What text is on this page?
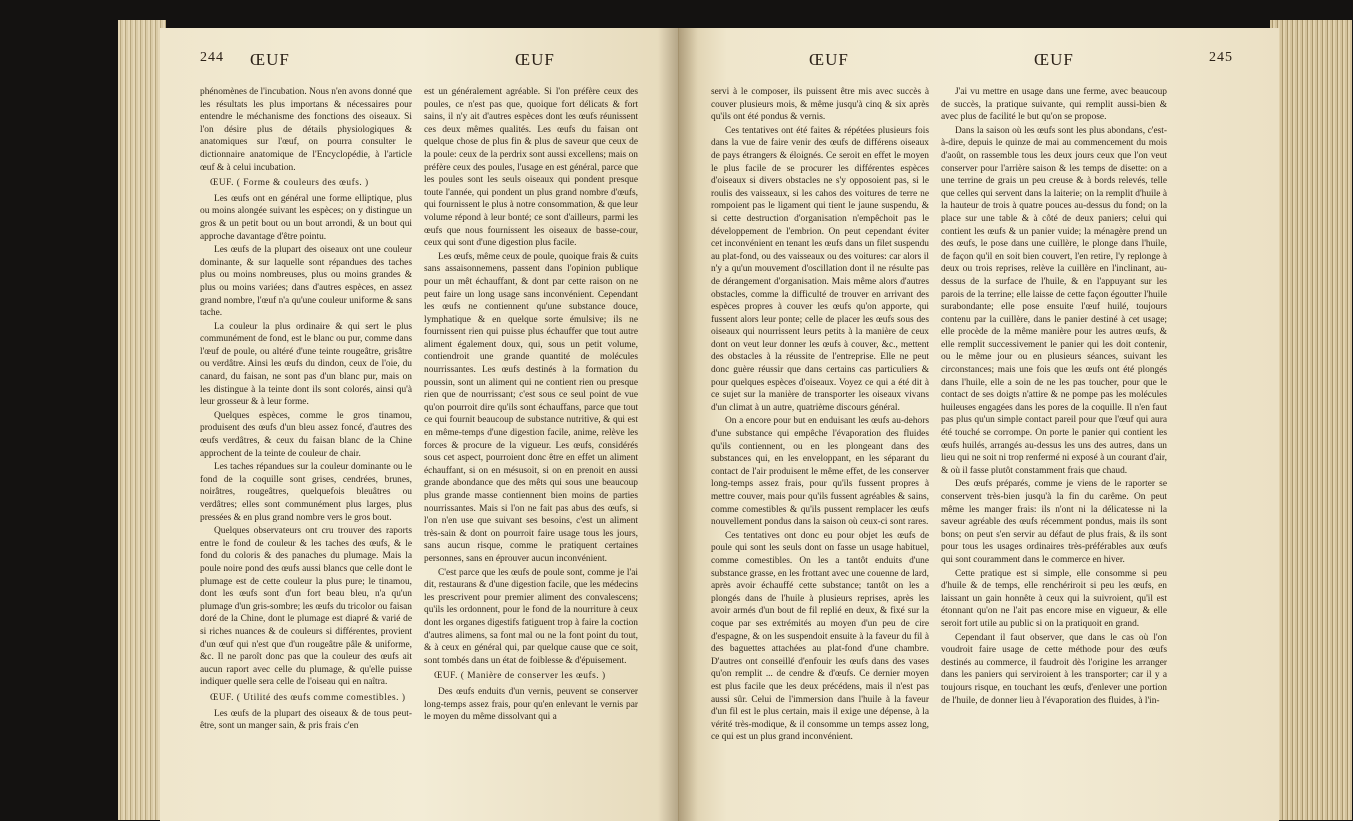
244 ŒUF	ŒUF

phénomènes de l'incubation. Nous n'en avons donné que les résultats les plus importans & nécessaires pour entendre le méchanisme des fonctions des oiseaux. Si l'on désire plus de détails physiologiques & anatomiques sur l'œuf, on pourra consulter le dictionnaire anatomique de l'Encyclopédie, à l'article œuf & à celui incubation.

ŒUF. ( Forme & couleurs des œufs. )

Les œufs ont en général une forme elliptique, plus ou moins alongée suivant les espèces; on y distingue un gros & un petit bout ou un bout arrondi, & un bout qui approche davantage d'être pointu.

Les œufs de la plupart des oiseaux ont une couleur dominante, & sur laquelle sont répandues des taches plus ou moins nombreuses, plus ou moins grandes & plus ou moins variées; dans d'autres espèces, en assez grand nombre, l'œuf n'a qu'une couleur uniforme & sans tache.

La couleur la plus ordinaire & qui sert le plus communément de fond, est le blanc ou pur, comme dans l'œuf de poule, ou altéré d'une teinte rougeâtre, grisâtre ou verdâtre. Ainsi les œufs du dindon, ceux de l'oie, du canard, du faisan, ne sont pas d'un blanc pur, mais on les distingue à la teinte dont ils sont colorés, ainsi qu'à leur grosseur & à leur forme.

Quelques espèces, comme le gros tinamou, produisent des œufs d'un bleu assez foncé, d'autres des œufs verdâtres, & ceux du faisan blanc de la Chine approchent de la teinte de couleur de chair.

Les taches répandues sur la couleur dominante ou le fond de la coquille sont grises, cendrées, brunes, noirâtres, rougeâtres, quelquefois bleuâtres ou verdâtres; elles sont communément plus larges, plus pressées & en plus grand nombre vers le gros bout.

Quelques observateurs ont cru trouver des raports entre le fond de couleur & les taches des œufs, & le fond du coloris & des panaches du plumage. Mais la poule noire pond des œufs aussi blancs que celle dont le plumage est de cette couleur la plus pure; le tinamou, dont les œufs sont d'un fort beau bleu, n'a qu'un plumage d'un gris-sombre; les œufs du tricolor ou faisan doré de la Chine, dont le plumage est diapré & varié de si riches nuances & de couleurs si différentes, provient d'un œuf qui n'est que d'un rougeâtre pâle & uniforme, &c. Il ne paroît donc pas que la couleur des œufs ait aucun raport avec celle du plumage, & qu'elle puisse indiquer quelle sera celle de l'oiseau qui en naîtra.

ŒUF. ( Utilité des œufs comme comestibles. )

Les œufs de la plupart des oiseaux & de tous peut-être, sont un manger sain, & pris frais c'en

est un généralement agréable. Si l'on préfère ceux des poules, ce n'est pas que, quoique fort délicats & fort sains, il n'y ait d'autres espèces dont les œufs réunissent ces deux mêmes qualités. Les œufs du faisan ont quelque chose de plus fin & plus de saveur que ceux de la poule: ceux de la perdrix sont aussi excellens; mais on préfère ceux des poules, l'usage en est général, parce que les poules sont les seuls oiseaux qui pondent presque toute l'année, qui pondent un plus grand nombre d'œufs, qui fournissent le plus à notre consommation, & que leur volume répond à leur bonté; ce sont d'ailleurs, parmi les œufs que nous fournissent les oiseaux de basse-cour, ceux qui sont d'une digestion plus facile.

Les œufs, même ceux de poule, quoique frais & cuits sans assaisonnemens, passent dans l'opinion publique pour un mêt échauffant, & dont par cette raison on ne peut faire un long usage sans inconvénient. Cependant les œufs ne contiennent qu'une substance douce, lymphatique & en quelque sorte émulsive; ils ne fournissent rien qui puisse plus échauffer que tout autre aliment également doux, qui, sous un petit volume, contiendroit une grande quantité de molécules nourrissantes. Les œufs destinés à la formation du poussin, sont un aliment qui ne contient rien ou presque rien que de nourrissant; c'est sous ce seul point de vue qu'on pourroit dire qu'ils sont échauffans, parce que tout ce qui fournit beaucoup de substance nutritive, & qui est en même-temps d'une digestion facile, anime, relève les forces & procure de la vigueur. Les œufs, considérés sous cet aspect, pourroient donc être en effet un aliment échauffant, si on en mésusoit, si on en prenoit en aussi grande abondance que des mêts qui sous une beaucoup plus grande masse contiennent bien moins de parties nourrissantes. Mais si l'on ne fait pas abus des œufs, si l'on n'en use que suivant ses besoins, c'est un aliment très-sain & dont on pourroit faire usage tous les jours, sans aucun risque, comme le pratiquent certaines personnes, sans en éprouver aucun inconvénient.

C'est parce que les œufs de poule sont, comme je l'ai dit, restaurans & d'une digestion facile, que les médecins les prescrivent pour premier aliment des convalescens; qu'ils les ordonnent, pour le fond de la nourriture à ceux dont les organes digestifs fatiguent trop à faire la coction d'autres alimens, sa font mal ou ne la font point du tout, & à ceux en général qui, par quelque cause que ce soit, sont tombés dans un état de foiblesse & d'épuisement.

ŒUF. ( Manière de conserver les œufs. )

Des œufs enduits d'un vernis, peuvent se conserver long-temps assez frais, pour qu'en enlevant le vernis par le moyen du même dissolvant qui a

ŒUF	ŒUF	245

servi à le composer, ils puissent être mis avec succès à couver plusieurs mois, & même jusqu'à cinq & six après qu'ils ont été pondus & vernis.

Ces tentatives ont été faites & répétées plusieurs fois dans la vue de faire venir des œufs de différens oiseaux de pays étrangers & éloignés. Ce seroit en effet le moyen le plus facile de se procurer les différentes espèces d'oiseaux si divers obstacles ne s'y opposoient pas, si le roulis des vaisseaux, si les cahos des voitures de terre ne rompoient pas le ligament qui tient le jaune suspendu, & si cette destruction d'organisation n'empêchoit pas le développement de l'embrion. On peut cependant éviter cet inconvénient en tenant les œufs dans un filet suspendu au plat-fond, ou des vaisseaux ou des voitures: car alors il n'y a qu'un mouvement d'oscillation dont il ne résulte pas de dérangement d'organisation. Mais même alors d'autres obstacles, comme la difficulté de trouver en arrivant des espèces propres à couver les œufs qu'on apporte, qui fussent alors leur ponte; celle de placer les œufs sous des oiseaux qui nourrissent leurs petits à la manière de ceux dont on veut leur donner les œufs à couver, &c., mettent des obstacles à la réussite de l'entreprise. Elle ne peut donc guère réussir que dans certains cas particuliers & pour quelques espèces d'oiseaux. Voyez ce qui a été dit à ce sujet sur la manière de transporter les oiseaux vivans d'un climat à un autre, quatrième discours général.

On a encore pour but en enduisant les œufs au-dehors d'une substance qui empêche l'évaporation des fluides qu'ils contiennent, ou en les plongeant dans des substances qui, en les enveloppant, en les séparant du contact de l'air produisent le même effet, de les conserver long-temps assez frais, pour qu'ils fussent propres à mettre couver, mais pour qu'ils fussent agréables & sains, comme comestibles & qu'ils pussent remplacer les œufs nouvellement pondus dans la saison où ceux-ci sont rares.

Ces tentatives ont donc eu pour objet les œufs de poule qui sont les seuls dont on fasse un usage habituel, comme comestibles. On les a tantôt enduits d'une substance grasse, en les frottant avec une couenne de lard, après avoir échauffé cette substance; tantôt on les a plongés dans de l'huile à plusieurs reprises, après les avoir armés d'un bout de fil replié en deux, & fixé sur la coque par ses extrémités au moyen d'un peu de cire d'espagne, & on les suspendoit ensuite à la faveur du fil à des baguettes attachées au plat-fond d'une chambre. D'autres ont conseillé d'enfouir les œufs dans des vases qu'on remplit ... de cendre & d'œufs. Ce dernier moyen est plus facile que les deux précédens, mais il n'est pas aussi sûr. Celui de l'immersion dans l'huile à la faveur d'un fil est le plus certain, mais il exige une dépense, à la vérité très-modique, & il consomme un temps assez long, ce qui est un plus grand inconvénient.

J'ai vu mettre en usage dans une ferme, avec beaucoup de succès, la pratique suivante, qui remplit aussi-bien & avec plus de facilité le but qu'on se propose.

Dans la saison où les œufs sont les plus abondans, c'est-à-dire, depuis le quinze de mai au commencement du mois d'août, on rassemble tous les deux jours ceux que l'on veut conserver pour l'arrière saison & les temps de disette: on a une terrine de grais un peu creuse & à bords relevés, telle que celles qui servent dans la laiterie; on la remplit d'huile à la hauteur de trois à quatre pouces au-dessus du fond; on la place sur une table & à côté de deux paniers; celui qui contient les œufs & un panier vuide; la ménagère prend un des œufs, le pose dans une cuillère, le plonge dans l'huile, de façon qu'il en soit bien couvert, l'en retire, l'y replonge à deux ou trois reprises, relève la cuillère en l'inclinant, au-dessus de la surface de l'huile, & en l'appuyant sur les parois de la terrine; elle laisse de cette façon égoutter l'huile surabondante; elle pose ensuite l'œuf huilé, toujours contenu par la cuillère, dans le panier destiné à cet usage; elle procède de la même manière pour les autres œufs, & elle remplit successivement le panier qui les doit contenir, ou le même jour ou en plusieurs séances, suivant les circonstances; mais une fois que les œufs ont été plongés dans l'huile, elle a soin de ne les pas toucher, pour que le contact de ses doigts n'attire & ne pompe pas les molécules huileuses engagées dans les pores de la coquille. Il n'en faut pas plus qu'un simple contact pareil pour que l'œuf qui aura été touché se corrompe. On porte le panier qui contient les œufs huilés, arrangés au-dessus les uns des autres, dans un lieu qui ne soit ni trop renfermé ni exposé à un courant d'air, & où il fasse plutôt constamment frais que chaud.

Des œufs préparés, comme je viens de le raporter se conservent très-bien jusqu'à la fin du carême. On peut même les manger frais: ils n'ont ni la délicatesse ni la saveur agréable des œufs récemment pondus, mais ils sont bons; on peut s'en servir au défaut de plus frais, & ils sont pour tous les usages ordinaires très-préférables aux œufs qui sont couramment dans le commerce en hiver.

Cette pratique est si simple, elle consomme si peu d'huile & de temps, elle renchériroit si peu les œufs, en laissant un gain honnête à ceux qui la suivroient, qu'il est étonnant qu'on ne l'ait pas encore mise en vigueur, & elle seroit fort utile au public si on la pratiquoit en grand.

Cependant il faut observer, que dans le cas où l'on voudroit faire usage de cette méthode pour des œufs destinés au commerce, il faudroit dès l'origine les arranger dans les paniers qui serviroient à les transporter; car il y a toujours risque, en touchant les œufs, d'enlever une portion de l'huile, de donner lieu à l'évaporation des fluides, à l'in-
